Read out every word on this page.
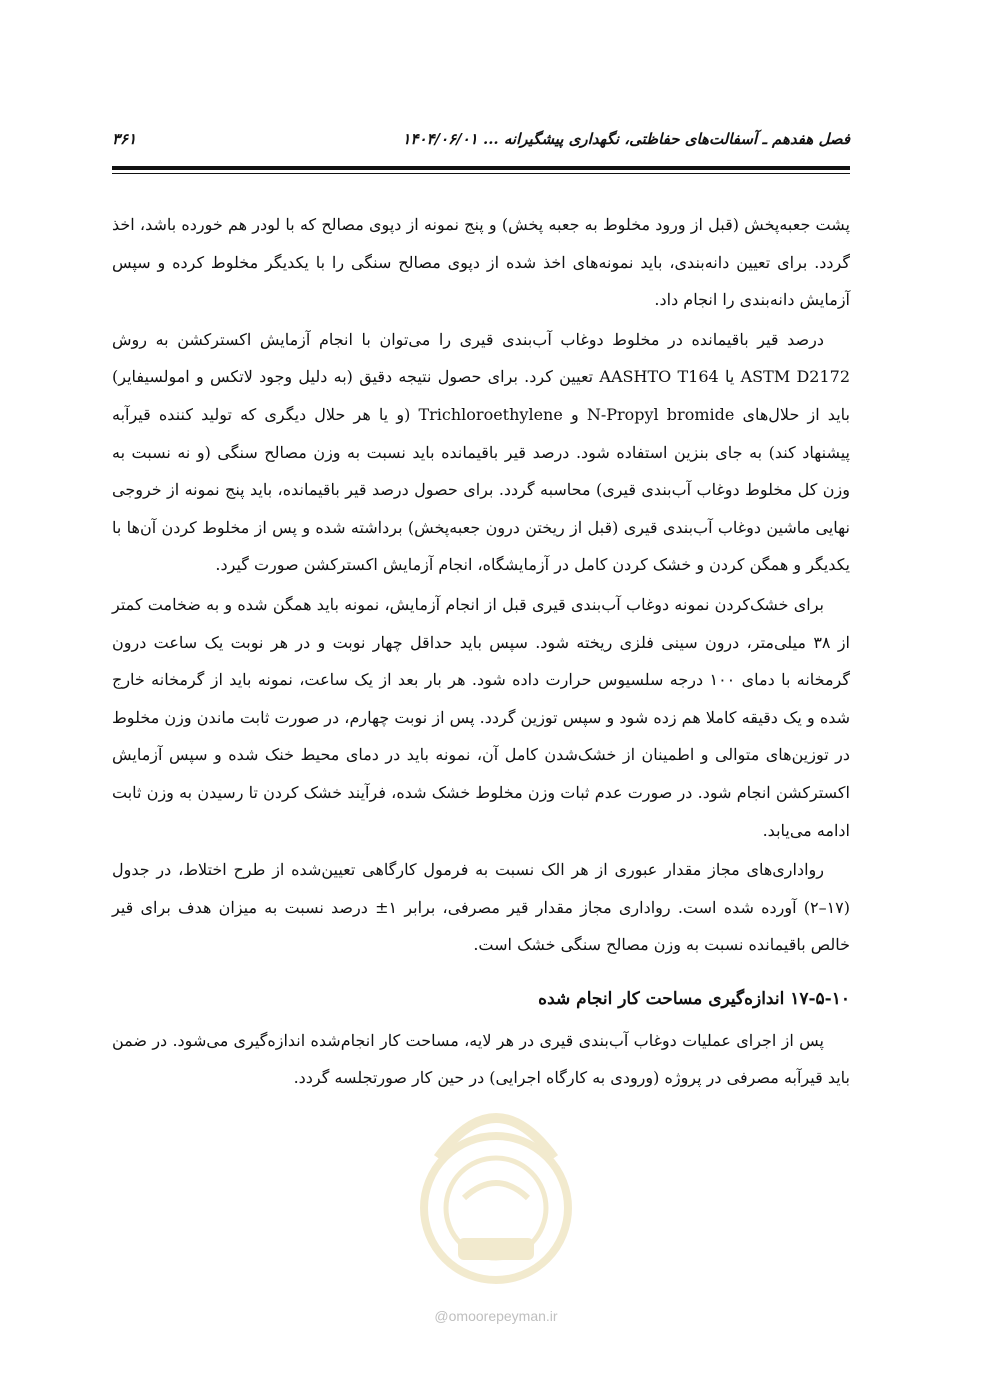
فصل هفدهم ـ آسفالت‌های حفاظتی، نگهداری پیشگیرانه ... ۱۴۰۴/۰۶/۰۱
۳۶۱

پشت جعبه‌پخش (قبل از ورود مخلوط به جعبه پخش) و پنج نمونه از دپوی مصالح که با لودر هم خورده باشد، اخذ گردد. برای تعیین دانه‌بندی، باید نمونه‌های اخذ شده از دپوی مصالح سنگی را با یکدیگر مخلوط کرده و سپس آزمایش دانه‌بندی را انجام داد.

درصد قیر باقیمانده در مخلوط دوغاب آب‌بندی قیری را می‌توان با انجام آزمایش اکسترکشن به روش ASTM D2172 یا AASHTO T164 تعیین کرد. برای حصول نتیجه دقیق (به دلیل وجود لاتکس و امولسیفایر) باید از حلال‌های N-Propyl bromide و Trichloroethylene (و یا هر حلال دیگری که تولید کننده قیرآبه پیشنهاد کند) به جای بنزین استفاده شود. درصد قیر باقیمانده باید نسبت به وزن مصالح سنگی (و نه نسبت به وزن کل مخلوط دوغاب آب‌بندی قیری) محاسبه گردد. برای حصول درصد قیر باقیمانده، باید پنج نمونه از خروجی نهایی ماشین دوغاب آب‌بندی قیری (قبل از ریختن درون جعبه‌پخش) برداشته شده و پس از مخلوط کردن آن‌ها با یکدیگر و همگن کردن و خشک کردن کامل در آزمایشگاه، انجام آزمایش اکسترکشن صورت گیرد.

برای خشک‌کردن نمونه دوغاب آب‌بندی قیری قبل از انجام آزمایش، نمونه باید همگن شده و به ضخامت کمتر از ۳۸ میلی‌متر، درون سینی فلزی ریخته شود. سپس باید حداقل چهار نوبت و در هر نوبت یک ساعت درون گرمخانه با دمای ۱۰۰ درجه سلسیوس حرارت داده شود. هر بار بعد از یک ساعت، نمونه باید از گرمخانه خارج شده و یک دقیقه کاملا هم زده شود و سپس توزین گردد. پس از نوبت چهارم، در صورت ثابت ماندن وزن مخلوط در توزین‌های متوالی و اطمینان از خشک‌شدن کامل آن، نمونه باید در دمای محیط خنک شده و سپس آزمایش اکسترکشن انجام شود. در صورت عدم ثبات وزن مخلوط خشک شده، فرآیند خشک کردن تا رسیدن به وزن ثابت ادامه می‌یابد.

رواداری‌های مجاز مقدار عبوری از هر الک نسبت به فرمول کارگاهی تعیین‌شده از طرح اختلاط، در جدول (۱۷–۲) آورده شده است. رواداری مجاز مقدار قیر مصرفی، برابر ۱± درصد نسبت به میزان هدف برای قیر خالص باقیمانده نسبت به وزن مصالح سنگی خشک است.

۱۷-۵-۱۰ اندازه‌گیری مساحت کار انجام شده

پس از اجرای عملیات دوغاب آب‌بندی قیری در هر لایه، مساحت کار انجام‌شده اندازه‌گیری می‌شود. در ضمن باید قیرآبه مصرفی در پروژه (ورودی به کارگاه اجرایی) در حین کار صورتجلسه گردد.

@omoorepeyman.ir
